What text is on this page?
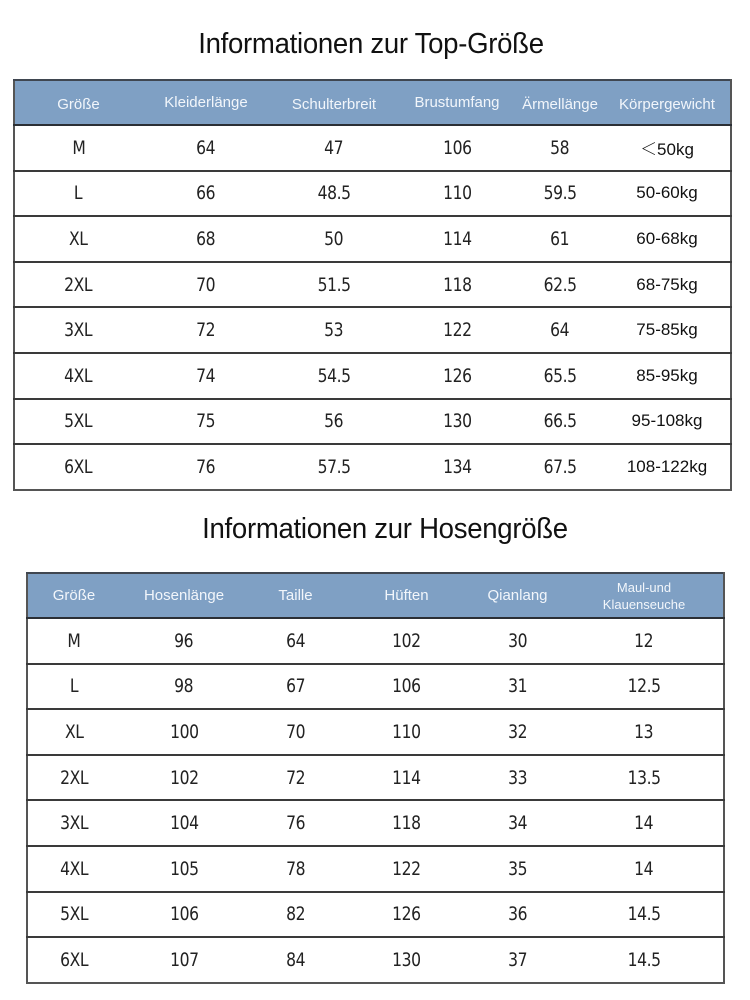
Informationen zur Top-Größe
Größe	Kleiderlänge	Schulterbreit	Brustumfang	Ärmellänge	Körpergewicht
M	64	47	106	58	＜50kg
L	66	48.5	110	59.5	50-60kg
XL	68	50	114	61	60-68kg
2XL	70	51.5	118	62.5	68-75kg
3XL	72	53	122	64	75-85kg
4XL	74	54.5	126	65.5	85-95kg
5XL	75	56	130	66.5	95-108kg
6XL	76	57.5	134	67.5	108-122kg
Informationen zur Hosengröße
Größe	Hosenlänge	Taille	Hüften	Qianlang	Maul-und
Klauenseuche
M	96	64	102	30	12
L	98	67	106	31	12.5
XL	100	70	110	32	13
2XL	102	72	114	33	13.5
3XL	104	76	118	34	14
4XL	105	78	122	35	14
5XL	106	82	126	36	14.5
6XL	107	84	130	37	14.5
